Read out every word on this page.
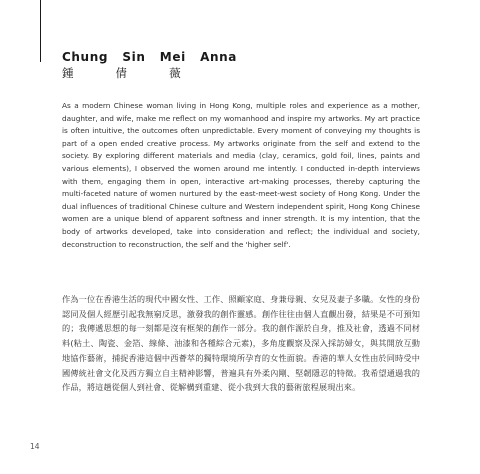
Chung   Sin   Mei   Anna
鍾          倩          薇

As a modern Chinese woman living in Hong Kong, multiple roles and experience as a mother, daughter, and wife, make me reflect on my womanhood and inspire my artworks. My art practice is often intuitive, the outcomes often unpredictable. Every moment of conveying my thoughts is part of a open ended creative process. My artworks originate from the self and extend to the society. By exploring different materials and media (clay, ceramics, gold foil, lines, paints and various elements), I observed the women around me intently. I conducted in-depth interviews with them, engaging them in open, interactive art-making processes, thereby capturing the multi-faceted nature of women nurtured by the east-meet-west society of Hong Kong. Under the dual influences of traditional Chinese culture and Western independent spirit, Hong Kong Chinese women are a unique blend of apparent softness and inner strength. It is my intention, that the body of artworks developed, take into consideration and reflect; the individual and society, deconstruction to reconstruction, the self and the 'higher self'.

作為一位在香港生活的現代中國女性、工作、照顧家庭、身兼母親、女兒及妻子多職。女性的身份認同及個人經歷引起我無窮反思，激發我的創作靈感。創作往往由個人直觀出發，結果是不可預知的；我傳遞思想的每一刻都是沒有框架的創作一部分。我的創作源於自身，推及社會，透過不同材料(粘土、陶瓷、金箔、線條、油漆和各種綜合元素)，多角度觀察及深入採訪婦女，與其開放互動地協作藝術，捕捉香港這個中西薈萃的獨特環境所孕育的女性面貌。香港的華人女性由於同時受中國傳統社會文化及西方獨立自主精神影響，普遍具有外柔內剛、堅韌隱忍的特徵。我希望通過我的作品，將這趟從個人到社會、從解構到重建、從小我到大我的藝術旅程展現出來。

14
